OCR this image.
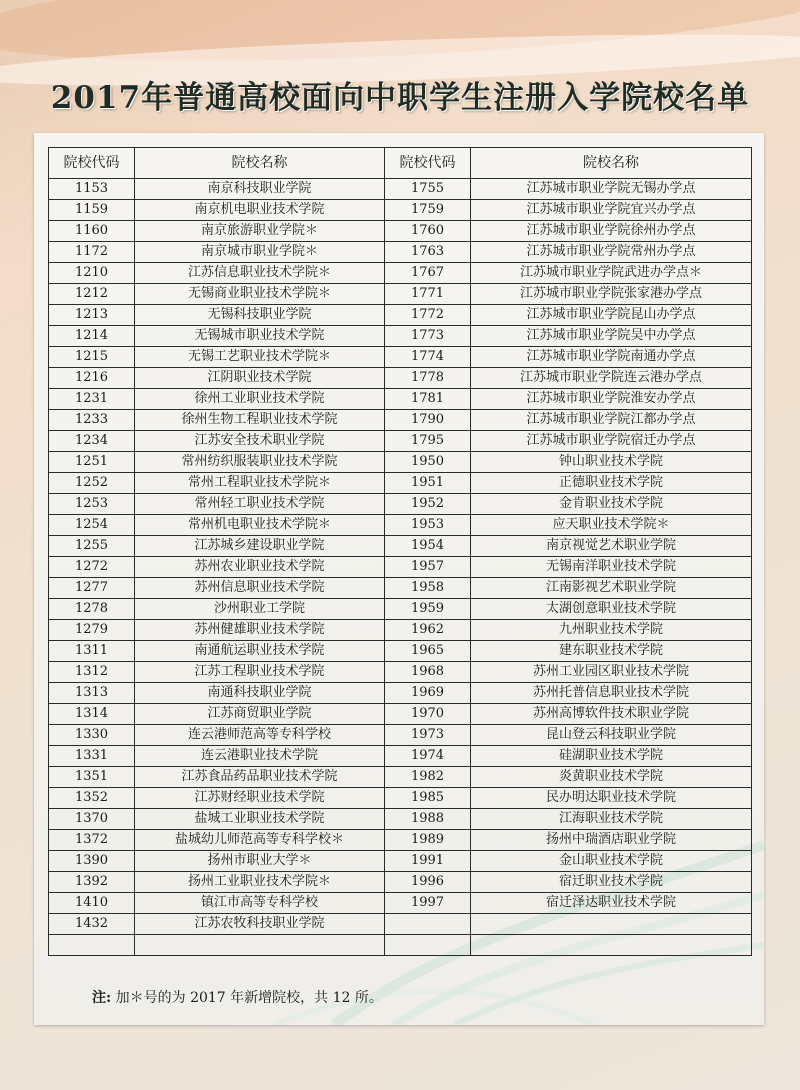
2017年普通高校面向中职学生注册入学院校名单
院校代码	院校名称	院校代码	院校名称
1153	南京科技职业学院	1755	江苏城市职业学院无锡办学点
1159	南京机电职业技术学院	1759	江苏城市职业学院宜兴办学点
1160	南京旅游职业学院＊	1760	江苏城市职业学院徐州办学点
1172	南京城市职业学院＊	1763	江苏城市职业学院常州办学点
1210	江苏信息职业技术学院＊	1767	江苏城市职业学院武进办学点＊
1212	无锡商业职业技术学院＊	1771	江苏城市职业学院张家港办学点
1213	无锡科技职业学院	1772	江苏城市职业学院昆山办学点
1214	无锡城市职业技术学院	1773	江苏城市职业学院吴中办学点
1215	无锡工艺职业技术学院＊	1774	江苏城市职业学院南通办学点
1216	江阴职业技术学院	1778	江苏城市职业学院连云港办学点
1231	徐州工业职业技术学院	1781	江苏城市职业学院淮安办学点
1233	徐州生物工程职业技术学院	1790	江苏城市职业学院江都办学点
1234	江苏安全技术职业学院	1795	江苏城市职业学院宿迁办学点
1251	常州纺织服装职业技术学院	1950	钟山职业技术学院
1252	常州工程职业技术学院＊	1951	正德职业技术学院
1253	常州轻工职业技术学院	1952	金肯职业技术学院
1254	常州机电职业技术学院＊	1953	应天职业技术学院＊
1255	江苏城乡建设职业学院	1954	南京视觉艺术职业学院
1272	苏州农业职业技术学院	1957	无锡南洋职业技术学院
1277	苏州信息职业技术学院	1958	江南影视艺术职业学院
1278	沙州职业工学院	1959	太湖创意职业技术学院
1279	苏州健雄职业技术学院	1962	九州职业技术学院
1311	南通航运职业技术学院	1965	建东职业技术学院
1312	江苏工程职业技术学院	1968	苏州工业园区职业技术学院
1313	南通科技职业学院	1969	苏州托普信息职业技术学院
1314	江苏商贸职业学院	1970	苏州高博软件技术职业学院
1330	连云港师范高等专科学校	1973	昆山登云科技职业学院
1331	连云港职业技术学院	1974	硅湖职业技术学院
1351	江苏食品药品职业技术学院	1982	炎黄职业技术学院
1352	江苏财经职业技术学院	1985	民办明达职业技术学院
1370	盐城工业职业技术学院	1988	江海职业技术学院
1372	盐城幼儿师范高等专科学校＊	1989	扬州中瑞酒店职业学院
1390	扬州市职业大学＊	1991	金山职业技术学院
1392	扬州工业职业技术学院＊	1996	宿迁职业技术学院
1410	镇江市高等专科学校	1997	宿迁泽达职业技术学院
1432	江苏农牧科技职业学院		

注: 加＊号的为 2017 年新增院校，共 12 所。
